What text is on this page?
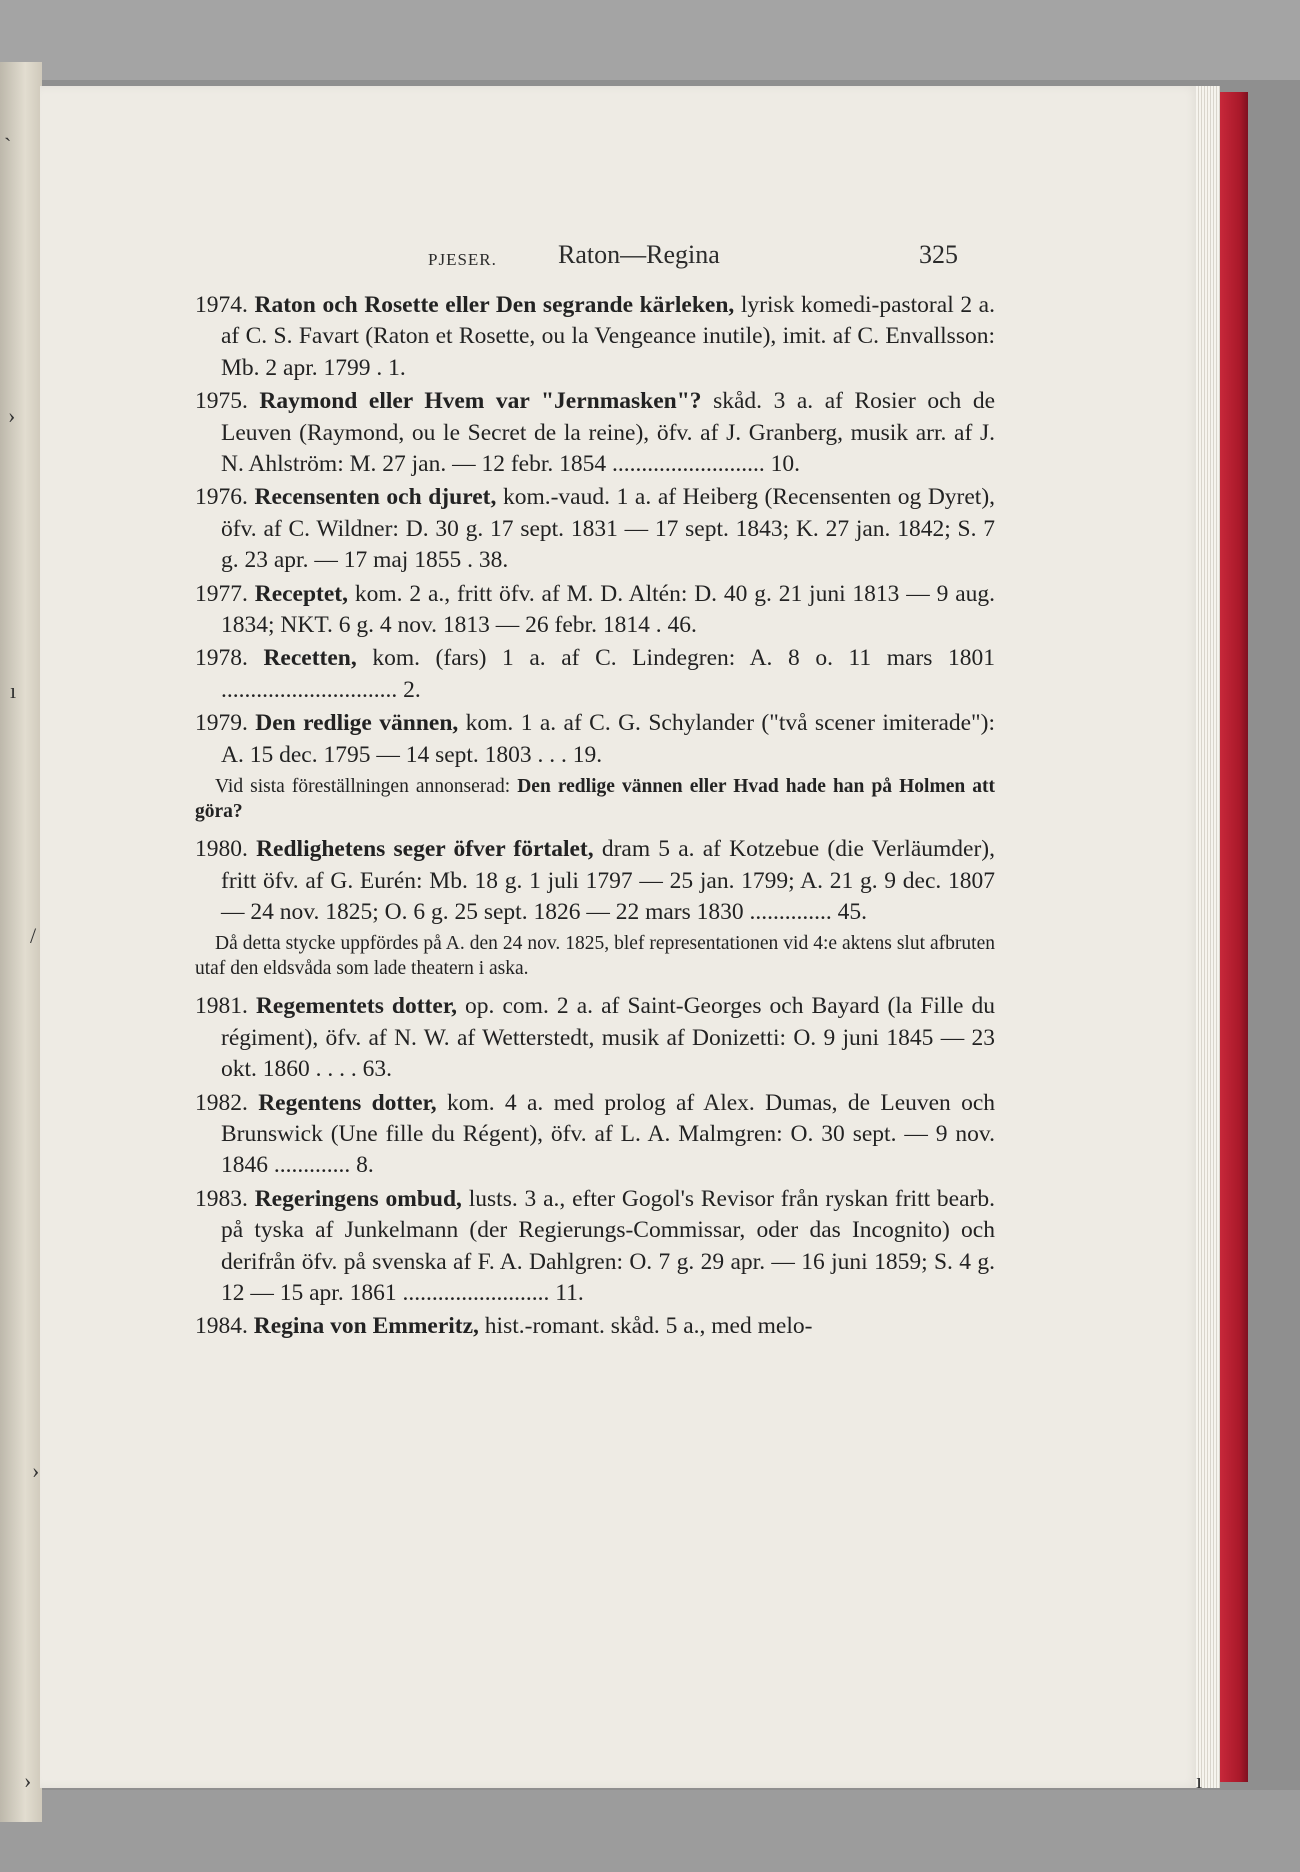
`
›
ı
/
›
›	ı
PJESER. Raton—Regina	325

1974. Raton och Rosette eller Den segrande kärleken, lyrisk komedi-pastoral 2 a. af C. S. Favart (Raton et Rosette, ou la Vengeance inutile), imit. af C. Envallsson: Mb. 2 apr. 1799 . 1.

1975. Raymond eller Hvem var "Jernmasken"? skåd. 3 a. af Rosier och de Leuven (Raymond, ou le Secret de la reine), öfv. af J. Granberg, musik arr. af J. N. Ahlström: M. 27 jan. — 12 febr. 1854 .......................... 10.

1976. Recensenten och djuret, kom.-vaud. 1 a. af Heiberg (Recensenten og Dyret), öfv. af C. Wildner: D. 30 g. 17 sept. 1831 — 17 sept. 1843; K. 27 jan. 1842; S. 7 g. 23 apr. — 17 maj 1855 . 38.

1977. Receptet, kom. 2 a., fritt öfv. af M. D. Altén: D. 40 g. 21 juni 1813 — 9 aug. 1834; NKT. 6 g. 4 nov. 1813 — 26 febr. 1814 . 46.

1978. Recetten, kom. (fars) 1 a. af C. Lindegren: A. 8 o. 11 mars 1801 .............................. 2.

1979. Den redlige vännen, kom. 1 a. af C. G. Schylander ("två scener imiterade"): A. 15 dec. 1795 — 14 sept. 1803 . . . 19.

Vid sista föreställningen annonserad: Den redlige vännen eller Hvad hade han på Holmen att göra?

1980. Redlighetens seger öfver förtalet, dram 5 a. af Kotzebue (die Verläumder), fritt öfv. af G. Eurén: Mb. 18 g. 1 juli 1797 — 25 jan. 1799; A. 21 g. 9 dec. 1807 — 24 nov. 1825; O. 6 g. 25 sept. 1826 — 22 mars 1830 .............. 45.

Då detta stycke uppfördes på A. den 24 nov. 1825, blef representationen vid 4:e aktens slut afbruten utaf den eldsvåda som lade theatern i aska.

1981. Regementets dotter, op. com. 2 a. af Saint-Georges och Bayard (la Fille du régiment), öfv. af N. W. af Wetterstedt, musik af Donizetti: O. 9 juni 1845 — 23 okt. 1860 . . . . 63.

1982. Regentens dotter, kom. 4 a. med prolog af Alex. Dumas, de Leuven och Brunswick (Une fille du Régent), öfv. af L. A. Malmgren: O. 30 sept. — 9 nov. 1846 ............. 8.

1983. Regeringens ombud, lusts. 3 a., efter Gogol's Revisor från ryskan fritt bearb. på tyska af Junkelmann (der Regierungs-Commissar, oder das Incognito) och derifrån öfv. på svenska af F. A. Dahlgren: O. 7 g. 29 apr. — 16 juni 1859; S. 4 g. 12 — 15 apr. 1861 ......................... 11.

1984. Regina von Emmeritz, hist.-romant. skåd. 5 a., med melo-
